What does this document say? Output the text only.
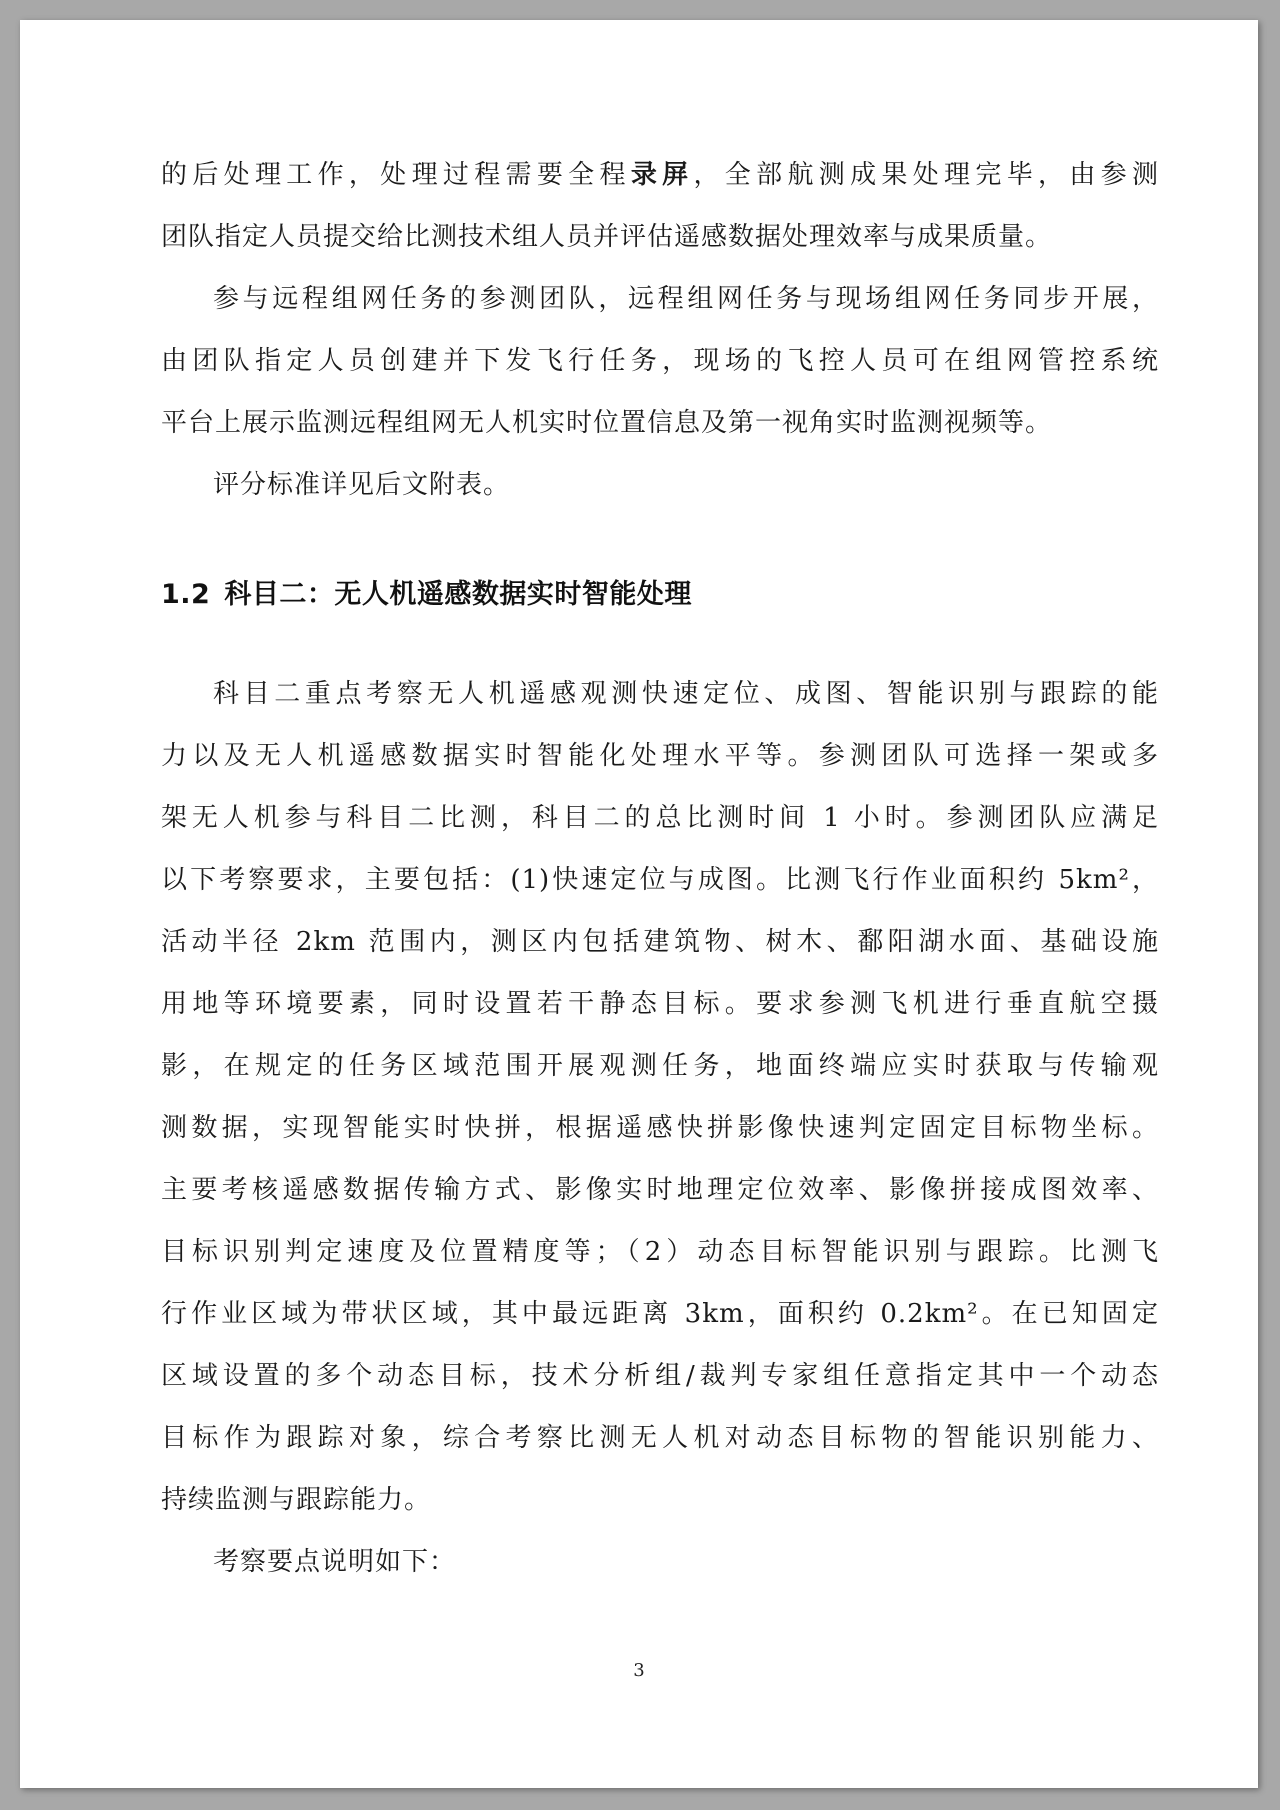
的后处理工作，处理过程需要全程录屏，全部航测成果处理完毕，由参测
团队指定人员提交给比测技术组人员并评估遥感数据处理效率与成果质量。
参与远程组网任务的参测团队，远程组网任务与现场组网任务同步开展，
由团队指定人员创建并下发飞行任务，现场的飞控人员可在组网管控系统
平台上展示监测远程组网无人机实时位置信息及第一视角实时监测视频等。
评分标准详见后文附表。
1.2 科目二：无人机遥感数据实时智能处理
科目二重点考察无人机遥感观测快速定位、成图、智能识别与跟踪的能
力以及无人机遥感数据实时智能化处理水平等。参测团队可选择一架或多
架无人机参与科目二比测，科目二的总比测时间 1 小时。参测团队应满足
以下考察要求，主要包括：(1)快速定位与成图。比测飞行作业面积约 5km²，
活动半径 2km 范围内，测区内包括建筑物、树木、鄱阳湖水面、基础设施
用地等环境要素，同时设置若干静态目标。要求参测飞机进行垂直航空摄
影，在规定的任务区域范围开展观测任务，地面终端应实时获取与传输观
测数据，实现智能实时快拼，根据遥感快拼影像快速判定固定目标物坐标。
主要考核遥感数据传输方式、影像实时地理定位效率、影像拼接成图效率、
目标识别判定速度及位置精度等；（2）动态目标智能识别与跟踪。比测飞
行作业区域为带状区域，其中最远距离 3km，面积约 0.2km²。在已知固定
区域设置的多个动态目标，技术分析组/裁判专家组任意指定其中一个动态
目标作为跟踪对象，综合考察比测无人机对动态目标物的智能识别能力、
持续监测与跟踪能力。
考察要点说明如下：
3
